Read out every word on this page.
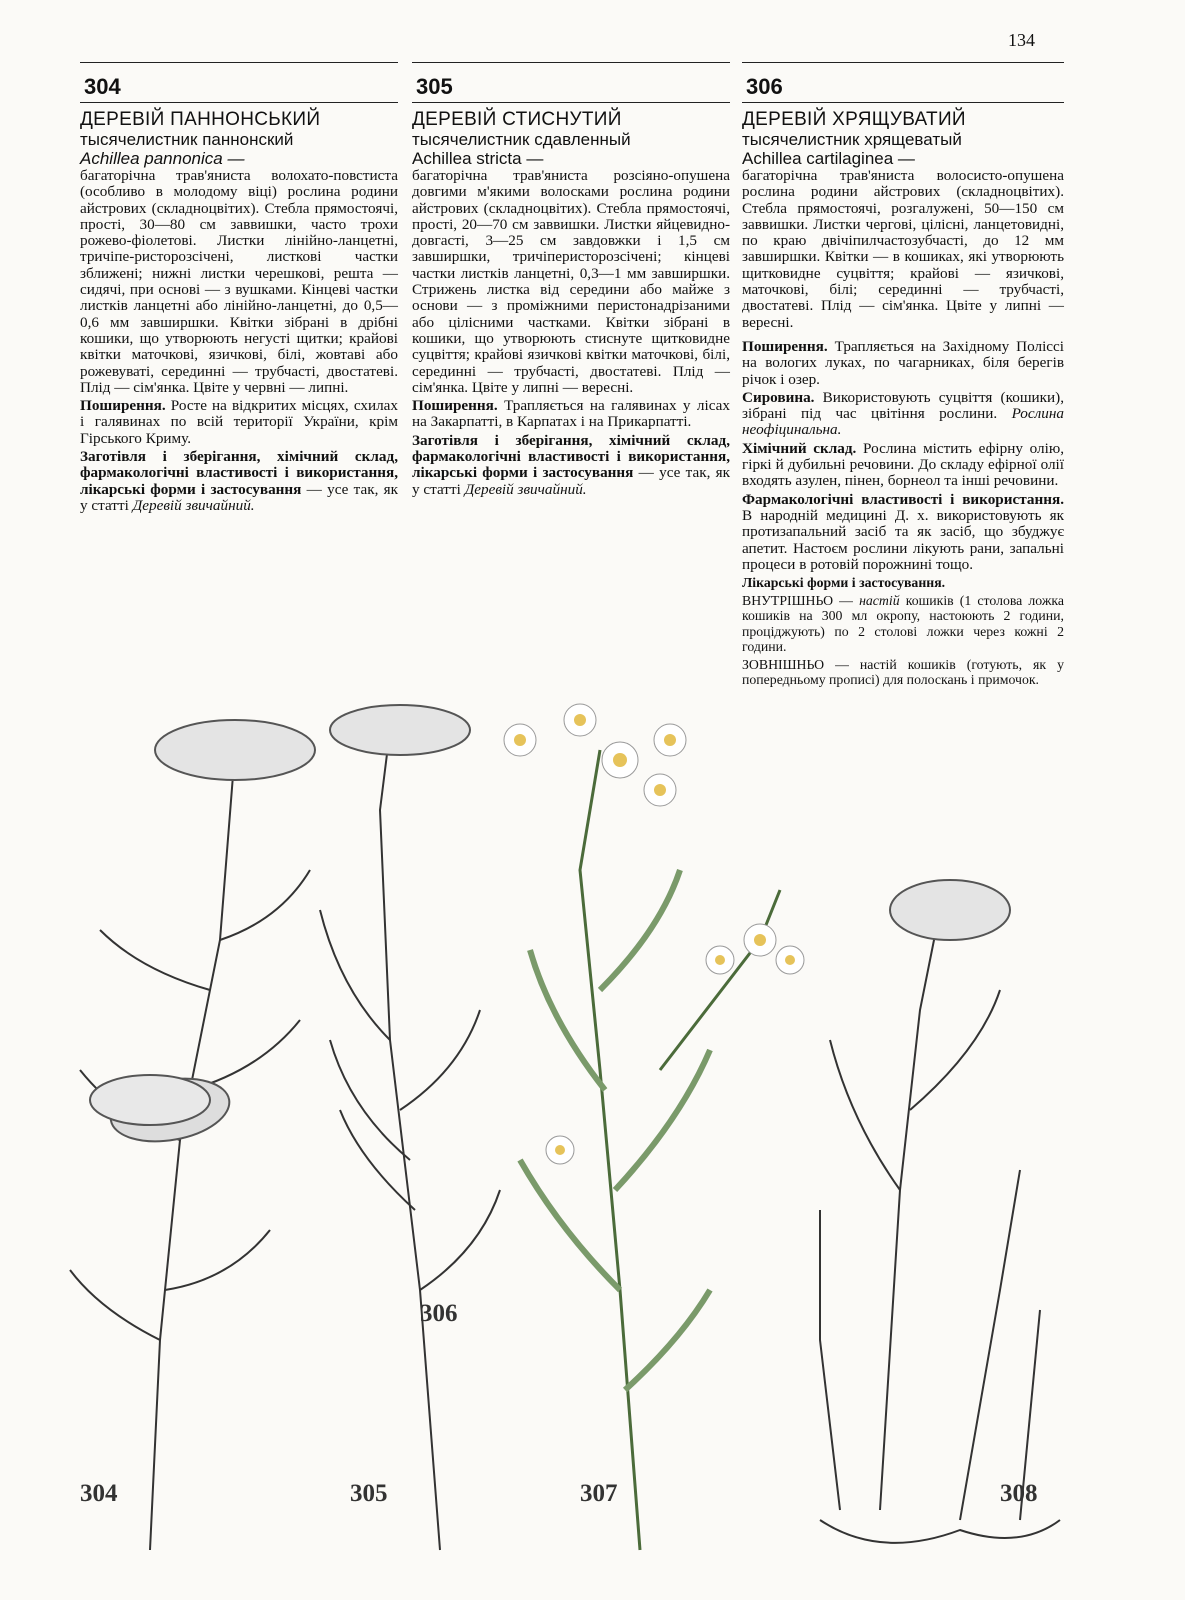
134
304
ДЕРЕВІЙ ПАННОНСЬКИЙ
тысячелистник паннонский
Achillea pannonica —

багаторічна трав'яниста волохато-повстиста (особливо в молодому віці) рослина родини айстрових (складноцвітих). Стебла прямостоячі, прості, 30—80 см заввишки, часто трохи рожево-фіолетові. Листки лінійно-ланцетні, тричіпе-ристорозсічені, листкові частки зближені; нижні листки черешкові, решта — сидячі, при основі — з вушками. Кінцеві частки листків ланцетні або лінійно-ланцетні, до 0,5—0,6 мм завширшки. Квітки зібрані в дрібні кошики, що утворюють негусті щитки; крайові квітки маточкові, язичкові, білі, жовтаві або рожевуваті, серединні — трубчасті, двостатеві. Плід — сім'янка. Цвіте у червні — липні.

Поширення. Росте на відкритих місцях, схилах і галявинах по всій території України, крім Гірського Криму.

Заготівля і зберігання, хімічний склад, фармакологічні властивості і використання, лікарські форми і застосування — усе так, як у статті Деревій звичайний.

305
ДЕРЕВІЙ СТИСНУТИЙ
тысячелистник сдавленный
Achillea stricta —

багаторічна трав'яниста розсіяно-опушена довгими м'якими волосками рослина родини айстрових (складноцвітих). Стебла прямостоячі, прості, 20—70 см заввишки. Листки яйцевидно-довгасті, 3—25 см завдовжки і 1,5 см завширшки, тричіперисторозсічені; кінцеві частки листків ланцетні, 0,3—1 мм завширшки. Стрижень листка від середини або майже з основи — з проміжними перистонадрізаними або цілісними частками. Квітки зібрані в кошики, що утворюють стиснуте щитковидне суцвіття; крайові язичкові квітки маточкові, білі, серединні — трубчасті, двостатеві. Плід — сім'янка. Цвіте у липні — вересні.

Поширення. Трапляється на галявинах у лісах на Закарпатті, в Карпатах і на Прикарпатті.

Заготівля і зберігання, хімічний склад, фармакологічні властивості і використання, лікарські форми і застосування — усе так, як у статті Деревій звичайний.

306
ДЕРЕВІЙ ХРЯЩУВАТИЙ
тысячелистник хрящеватый
Achillea cartilaginea —

багаторічна трав'яниста волосисто-опушена рослина родини айстрових (складноцвітих). Стебла прямостоячі, розгалужені, 50—150 см заввишки. Листки чергові, цілісні, ланцетовидні, по краю двічіпилчастозубчасті, до 12 мм завширшки. Квітки — в кошиках, які утворюють щитковидне суцвіття; крайові — язичкові, маточкові, білі; серединні — трубчасті, двостатеві. Плід — сім'янка. Цвіте у липні — вересні.

Поширення. Трапляється на Західному Поліссі на вологих луках, по чагарниках, біля берегів річок і озер.

Сировина. Використовують суцвіття (кошики), зібрані під час цвітіння рослини. Рослина неофіцинальна.

Хімічний склад. Рослина містить ефірну олію, гіркі й дубильні речовини. До складу ефірної олії входять азулен, пінен, борнеол та інші речовини.

Фармакологічні властивості і використання. В народній медицині Д. х. використовують як протизапальний засіб та як засіб, що збуджує апетит. Настоєм рослини лікують рани, запальні процеси в ротовій порожнині тощо.

Лікарські форми і застосування.

ВНУТРІШНЬО — настій кошиків (1 столова ложка кошиків на 300 мл окропу, настоюють 2 години, проціджують) по 2 столові ложки через кожні 2 години.

ЗОВНІШНЬО — настій кошиків (готують, як у попередньому прописі) для полоскань і примочок.

304	305
306
307	308
